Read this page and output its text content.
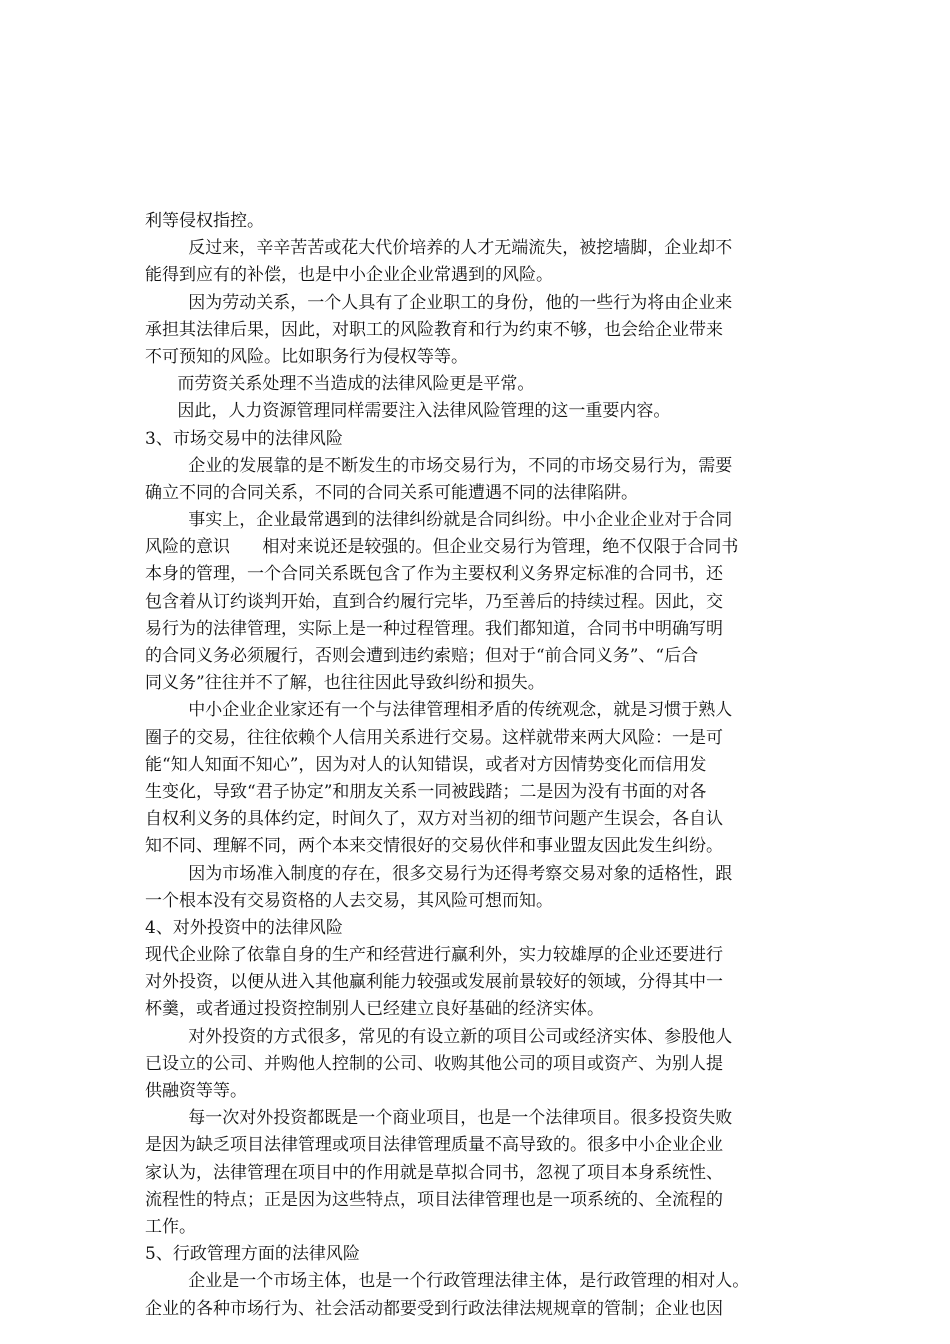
利等侵权指控。
反过来，辛辛苦苦或花大代价培养的人才无端流失，被挖墙脚，企业却不
能得到应有的补偿，也是中小企业企业常遇到的风险。
因为劳动关系，一个人具有了企业职工的身份，他的一些行为将由企业来
承担其法律后果，因此，对职工的风险教育和行为约束不够，也会给企业带来
不可预知的风险。比如职务行为侵权等等。
而劳资关系处理不当造成的法律风险更是平常。
因此，人力资源管理同样需要注入法律风险管理的这一重要内容。
3、市场交易中的法律风险
企业的发展靠的是不断发生的市场交易行为，不同的市场交易行为，需要
确立不同的合同关系，不同的合同关系可能遭遇不同的法律陷阱。
事实上，企业最常遇到的法律纠纷就是合同纠纷。中小企业企业对于合同
风险的意识      相对来说还是较强的。但企业交易行为管理，绝不仅限于合同书
本身的管理，一个合同关系既包含了作为主要权利义务界定标准的合同书，还
包含着从订约谈判开始，直到合约履行完毕，乃至善后的持续过程。因此，交
易行为的法律管理，实际上是一种过程管理。我们都知道，合同书中明确写明
的合同义务必须履行，否则会遭到违约索赔；但对于“前合同义务”、“后合
同义务”往往并不了解，也往往因此导致纠纷和损失。
中小企业企业家还有一个与法律管理相矛盾的传统观念，就是习惯于熟人
圈子的交易，往往依赖个人信用关系进行交易。这样就带来两大风险：一是可
能“知人知面不知心”，因为对人的认知错误，或者对方因情势变化而信用发
生变化，导致“君子协定”和朋友关系一同被践踏；二是因为没有书面的对各
自权利义务的具体约定，时间久了，双方对当初的细节问题产生误会，各自认
知不同、理解不同，两个本来交情很好的交易伙伴和事业盟友因此发生纠纷。
因为市场准入制度的存在，很多交易行为还得考察交易对象的适格性，跟
一个根本没有交易资格的人去交易，其风险可想而知。
4、对外投资中的法律风险
现代企业除了依靠自身的生产和经营进行赢利外，实力较雄厚的企业还要进行
对外投资，以便从进入其他赢利能力较强或发展前景较好的领域，分得其中一
杯羹，或者通过投资控制别人已经建立良好基础的经济实体。
对外投资的方式很多，常见的有设立新的项目公司或经济实体、参股他人
已设立的公司、并购他人控制的公司、收购其他公司的项目或资产、为别人提
供融资等等。
每一次对外投资都既是一个商业项目，也是一个法律项目。很多投资失败
是因为缺乏项目法律管理或项目法律管理质量不高导致的。很多中小企业企业
家认为，法律管理在项目中的作用就是草拟合同书，忽视了项目本身系统性、
流程性的特点；正是因为这些特点，项目法律管理也是一项系统的、全流程的
工作。
5、行政管理方面的法律风险
企业是一个市场主体，也是一个行政管理法律主体，是行政管理的相对人。
企业的各种市场行为、社会活动都要受到行政法律法规规章的管制；企业也因
